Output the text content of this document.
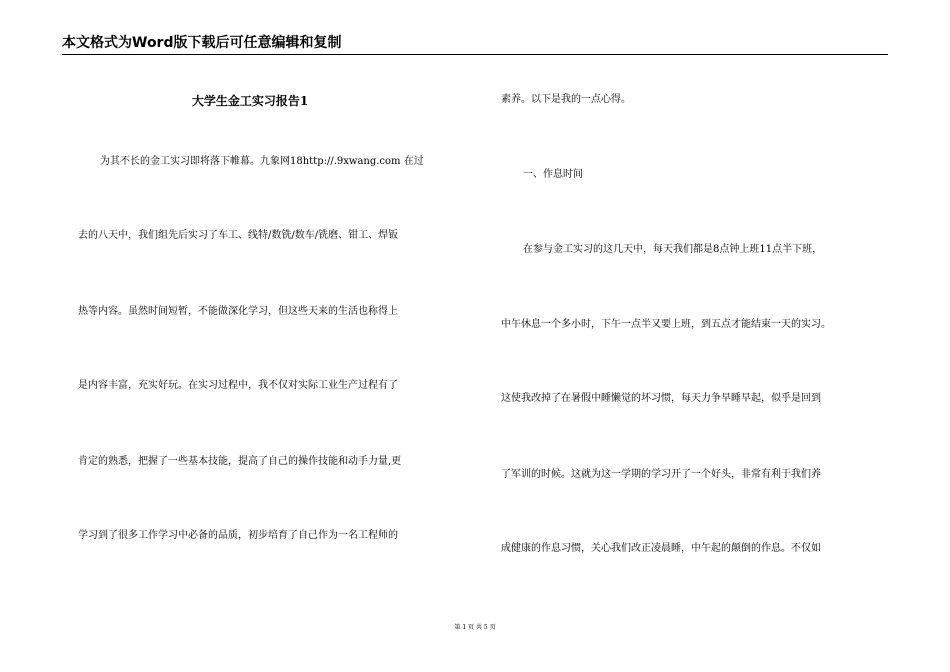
本文格式为Word版下载后可任意编辑和复制
大学生金工实习报告1
为其不长的金工实习即将落下帷幕。九象网18http://.9xwang.com 在过
去的八天中，我们组先后实习了车工、线特/数铣/数车/铣磨、钳工、焊钣
热等内容。虽然时间短暂，不能做深化学习，但这些天来的生活也称得上
是内容丰富，充实好玩。在实习过程中，我不仅对实际工业生产过程有了
肯定的熟悉，把握了一些基本技能，提高了自己的操作技能和动手力量,更
学习到了很多工作学习中必备的品质，初步培育了自己作为一名工程师的
素养。以下是我的一点心得。
一、作息时间
在参与金工实习的这几天中，每天我们都是8点钟上班11点半下班，
中午休息一个多小时，下午一点半又要上班，到五点才能结束一天的实习。
这使我改掉了在暑假中睡懒觉的坏习惯，每天力争早睡早起，似乎是回到
了军训的时候。这就为这一学期的学习开了一个好头，非常有利于我们养
成健康的作息习惯，关心我们改正凌晨睡，中午起的颠倒的作息。不仅如
第 1 页 共 5 页
